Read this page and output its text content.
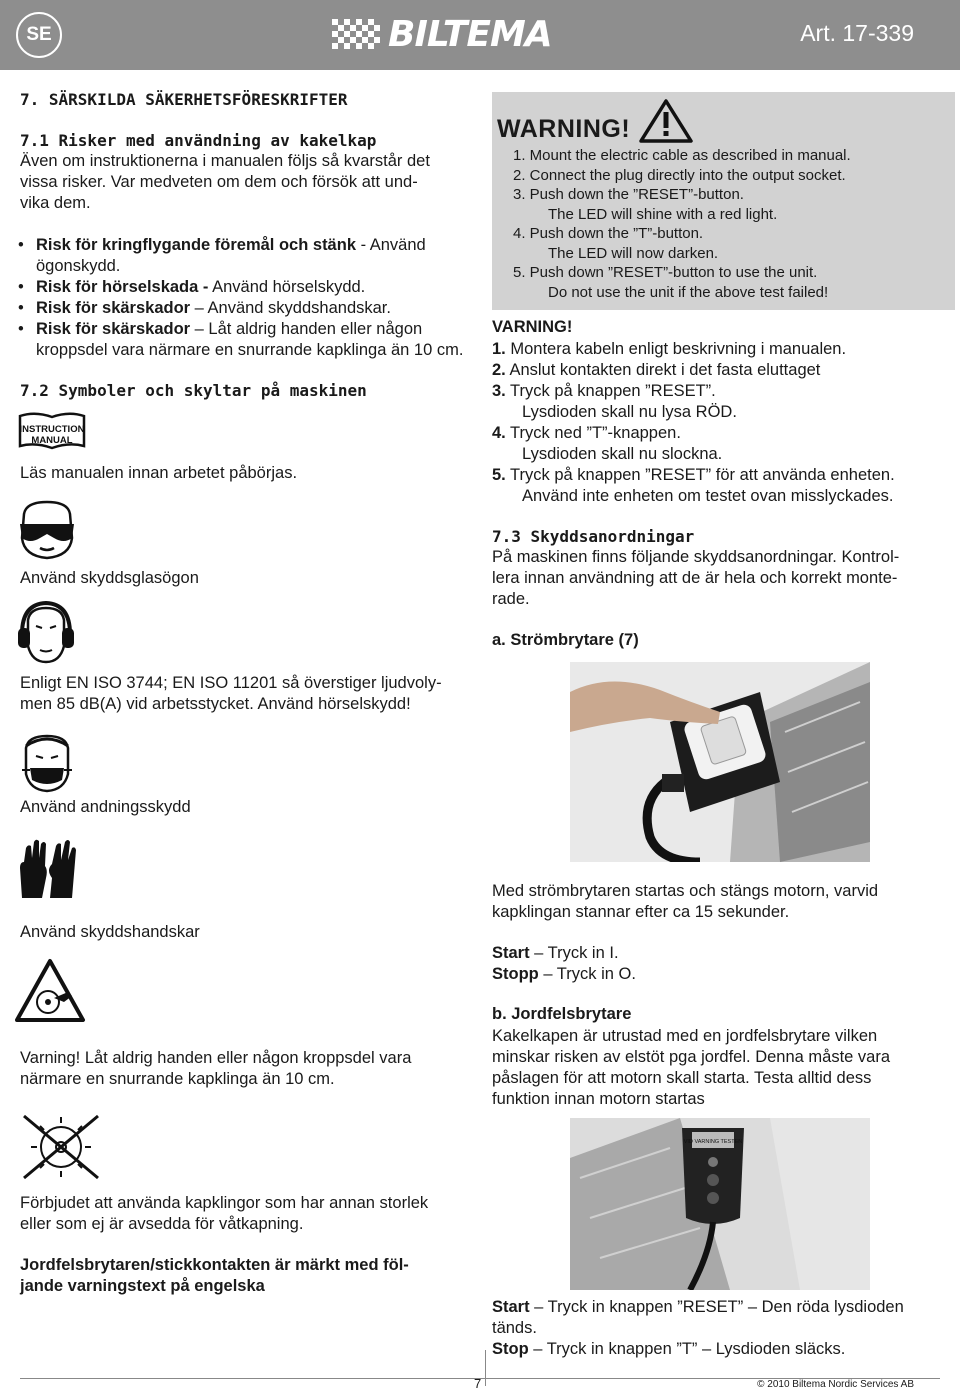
SE	BILTEMA	Art. 17-339
7. SÄRSKILDA SÄKERHETSFÖRESKRIFTER
7.1 Risker med användning av kakelkap

Även om instruktionerna i manualen följs så kvarstår det

vissa risker. Var medveten om dem och försök att und-

vika dem.

• Risk för kringflygande föremål och stänk - Använd
ögonskydd.
• Risk för hörselskada - Använd hörselskydd.
• Risk för skärskador – Använd skyddshandskar.
• Risk för skärskador – Låt aldrig handen eller någon
kroppsdel vara närmare en snurrande kapklinga än 10 cm.
7.2 Symboler och skyltar på maskinen
INSTRUCTION
MANUAL

Läs manualen innan arbetet påbörjas.

Använd skyddsglasögon

Enligt EN ISO 3744; EN ISO 11201 så överstiger ljudvoly-

men 85 dB(A) vid arbetsstycket. Använd hörselskydd!

Använd andningsskydd

Använd skyddshandskar

Varning! Låt aldrig handen eller någon kroppsdel vara

närmare en snurrande kapklinga än 10 cm.

Förbjudet att använda kapklingor som har annan storlek

eller som ej är avsedda för våtkapning.

Jordfelsbrytaren/stickkontakten är märkt med föl-

jande varningstext på engelska

WARNING!
1. Mount the electric cable as described in manual.
2. Connect the plug directly into the output socket.
3. Push down the ”RESET”-button.
The LED will shine with a red light.
4. Push down the ”T”-button.
The LED will now darken.
5. Push down ”RESET”-button to use the unit.
Do not use the unit if the above test failed!
VARNING!

1. Montera kabeln enligt beskrivning i manualen.

2. Anslut kontakten direkt i det fasta eluttaget

3. Tryck på knappen ”RESET”.

Lysdioden skall nu lysa RÖD.

4. Tryck ned ”T”-knappen.

Lysdioden skall nu slockna.

5. Tryck på knappen ”RESET” för att använda enheten.

Använd inte enheten om testet ovan misslyckades.

7.3 Skyddsanordningar

På maskinen finns följande skyddsanordningar. Kontrol-

lera innan användning att de är hela och korrekt monte-

rade.

a. Strömbrytare (7)

Med strömbrytaren startas och stängs motorn, varvid

kapklingan stannar efter ca 15 sekunder.

Start – Tryck in I.

Stopp – Tryck in O.

b. Jordfelsbrytare

Kakelkapen är utrustad med en jordfelsbrytare vilken

minskar risken av elstöt pga jordfel. Denna måste vara

påslagen för att motorn skall starta. Testa alltid dess

funktion innan motorn startas

VID VARNING TESTEN

Start – Tryck in knappen ”RESET” – Den röda lysdioden

tänds.

Stop – Tryck in knappen ”T” – Lysdioden släcks.

7	© 2010 Biltema Nordic Services AB
